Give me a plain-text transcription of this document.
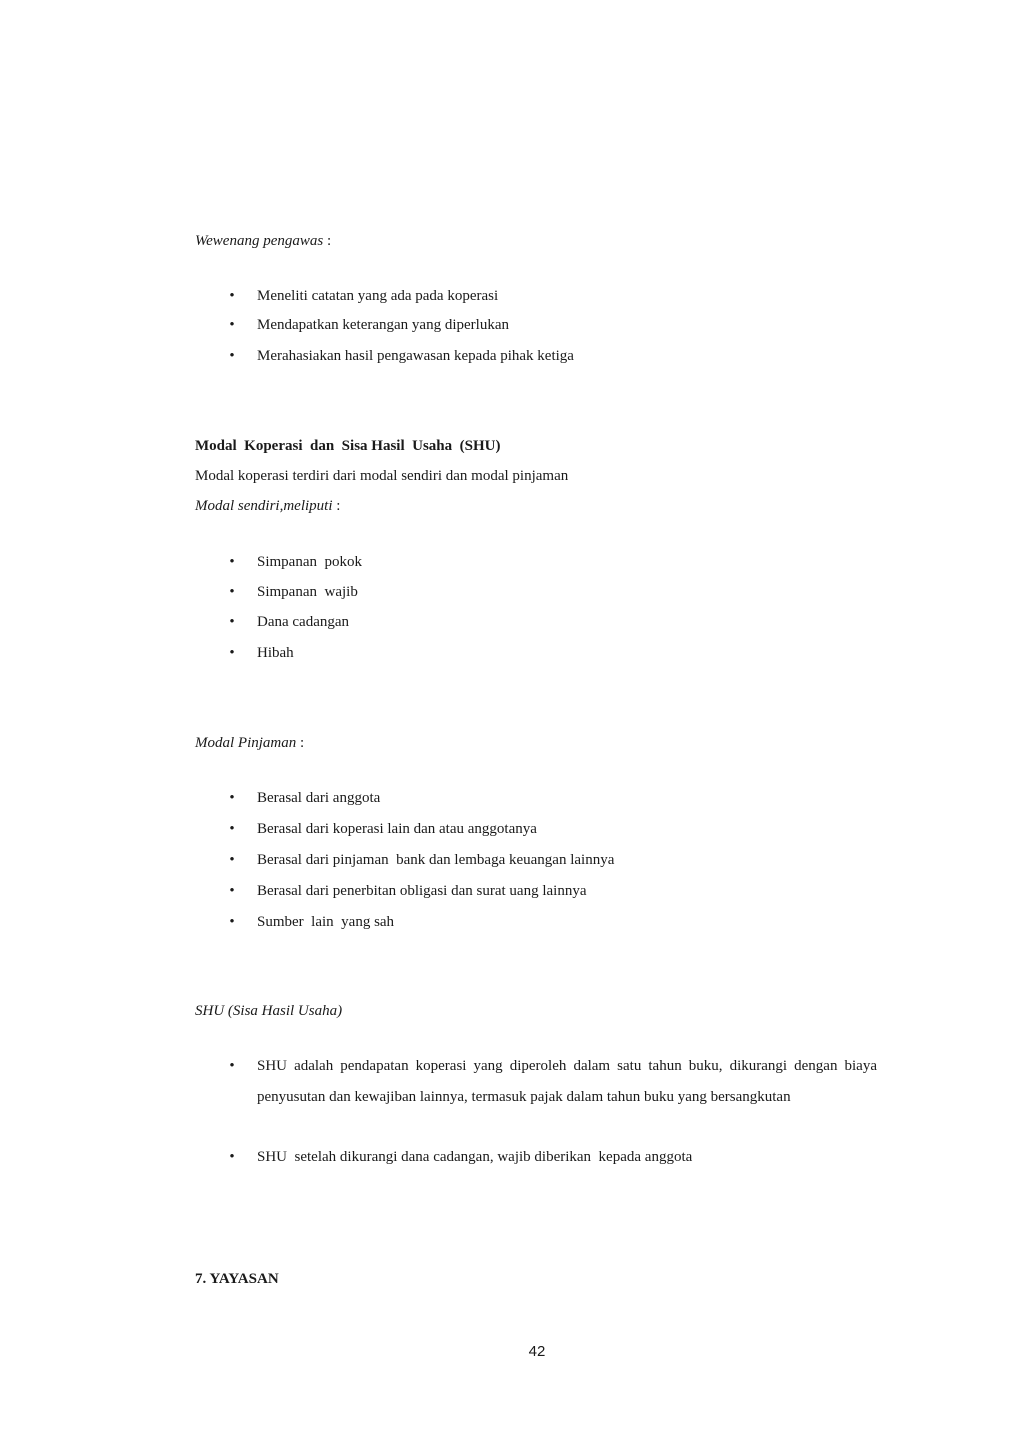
Wewenang pengawas :
• Meneliti catatan yang ada pada koperasi
• Mendapatkan keterangan yang diperlukan
• Merahasiakan hasil pengawasan kepada pihak ketiga
Modal  Koperasi  dan  Sisa Hasil  Usaha  (SHU)
Modal koperasi terdiri dari modal sendiri dan modal pinjaman
Modal sendiri,meliputi :
• Simpanan  pokok
• Simpanan  wajib
• Dana cadangan
• Hibah
Modal Pinjaman :
• Berasal dari anggota
• Berasal dari koperasi lain dan atau anggotanya
• Berasal dari pinjaman  bank dan lembaga keuangan lainnya
• Berasal dari penerbitan obligasi dan surat uang lainnya
• Sumber  lain  yang sah
SHU (Sisa Hasil Usaha)
• SHU adalah pendapatan koperasi yang diperoleh dalam satu tahun buku, dikurangi dengan biaya penyusutan dan kewajiban lainnya, termasuk pajak dalam tahun buku yang bersangkutan
• SHU  setelah dikurangi dana cadangan, wajib diberikan  kepada anggota
7. YAYASAN
42
